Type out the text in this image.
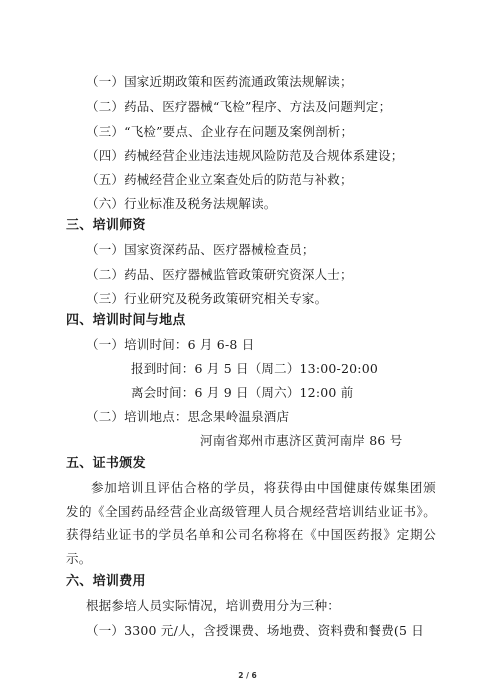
（一）国家近期政策和医药流通政策法规解读；
（二）药品、医疗器械“飞检”程序、方法及问题判定；
（三）“飞检”要点、企业存在问题及案例剖析；
（四）药械经营企业违法违规风险防范及合规体系建设；
（五）药械经营企业立案查处后的防范与补救；
（六）行业标准及税务法规解读。
三、培训师资
（一）国家资深药品、医疗器械检查员；
（二）药品、医疗器械监管政策研究资深人士；
（三）行业研究及税务政策研究相关专家。
四、培训时间与地点
（一）培训时间：6 月 6-8 日
报到时间：6 月 5 日（周二）13:00-20:00
离会时间：6 月 9 日（周六）12:00 前
（二）培训地点：思念果岭温泉酒店
河南省郑州市惠济区黄河南岸 86 号
五、证书颁发
参加培训且评估合格的学员，将获得由中国健康传媒集团颁发的《全国药品经营企业高级管理人员合规经营培训结业证书》。获得结业证书的学员名单和公司名称将在《中国医药报》定期公示。
六、培训费用
根据参培人员实际情况，培训费用分为三种：
（一）3300 元/人，含授课费、场地费、资料费和餐费(5 日
2 / 6
